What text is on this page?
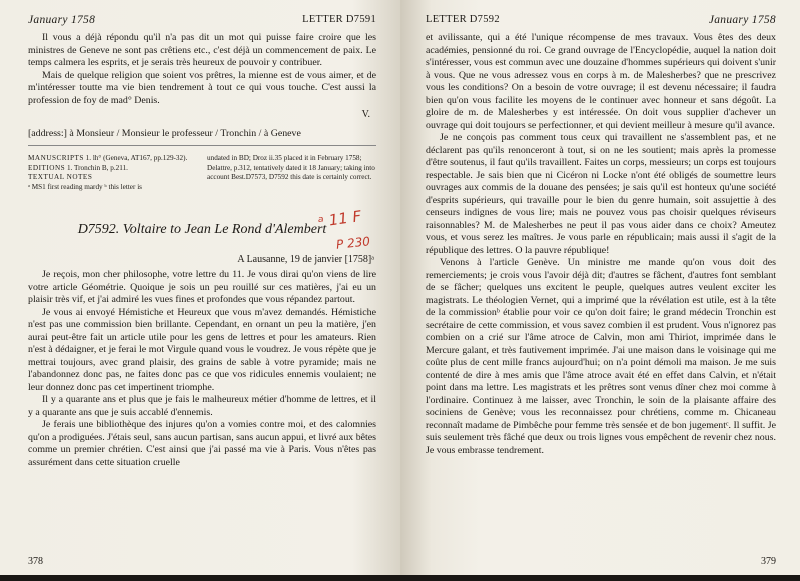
January 1758	LETTER D7591

Il vous a déjà répondu qu'il n'a pas dit un mot qui puisse faire croire que les ministres de Geneve ne sont pas crêtiens etc., c'est déjà un commencement de paix. Le temps calmera les esprits, et je serais très heureux de pouvoir y contribuer.

Mais de quelque religion que soient vos prêtres, la mienne est de vous aimer, et de m'intéresser toutte ma vie bien tendrement à tout ce qui vous touche. C'est aussi la profession de foy de mad° Denis.

V.
[address:] à Monsieur / Monsieur le professeur / Tronchin / à Geneve
MANUSCRIPTS 1. lh° (Geneva, AT167, pp.129-32).
EDITIONS 1. Tronchin B, p.211.
TEXTUAL NOTES
ᵃ MS1 first reading mardy ᵇ this letter is
undated in BD; Droz ii.35 placed it in February 1758; Delattre, p.312, tentatively dated it 18 January; taking into account Best.D7573, D7592 this date is certainly correct.
D7592. Voltaire to Jean Le Rond d'Alembert
ᵃ 11 F
P 230
A Lausanne, 19 de janvier [1758]ᵃ

Je reçois, mon cher philosophe, votre lettre du 11. Je vous dirai qu'on viens de lire votre article Géométrie. Quoique je sois un peu rouillé sur ces matières, j'ai eu un plaisir très vif, et j'ai admiré les vues fines et profondes que vous répandez partout.

Je vous ai envoyé Hémistiche et Heureux que vous m'avez demandés. Hémistiche n'est pas une commission bien brillante. Cependant, en ornant un peu la matière, j'en aurai peut-être fait un article utile pour les gens de lettres et pour les amateurs. Rien n'est à dédaigner, et je ferai le mot Virgule quand vous le voudrez. Je vous répète que je mettrai toujours, avec grand plaisir, des grains de sable à votre pyramide; mais ne l'abandonnez donc pas, ne faites donc pas ce que vos ridicules ennemis voulaient; ne leur donnez donc pas cet impertinent triomphe.

Il y a quarante ans et plus que je fais le malheureux métier d'homme de lettres, et il y a quarante ans que je suis accablé d'ennemis.

Je ferais une bibliothèque des injures qu'on a vomies contre moi, et des calomnies qu'on a prodiguées. J'étais seul, sans aucun partisan, sans aucun appui, et livré aux bêtes comme un premier chrétien. C'est ainsi que j'ai passé ma vie à Paris. Vous n'êtes pas assurément dans cette situation cruelle

378
LETTER D7592	January 1758

et avilissante, qui a été l'unique récompense de mes travaux. Vous êtes des deux académies, pensionné du roi. Ce grand ouvrage de l'Encyclopédie, auquel la nation doit s'intéresser, vous est commun avec une douzaine d'hommes supérieurs qui doivent s'unir à vous. Que ne vous adressez vous en corps à m. de Malesherbes? que ne prescrivez vous les conditions? On a besoin de votre ouvrage; il est devenu nécessaire; il faudra bien qu'on vous facilite les moyens de le continuer avec honneur et sans dégoût. La gloire de m. de Malesherbes y est intéressée. On doit vous supplier d'achever un ouvrage qui doit toujours se perfectionner, et qui devient meilleur à mesure qu'il avance.

Je ne conçois pas comment tous ceux qui travaillent ne s'assemblent pas, et ne déclarent pas qu'ils renonceront à tout, si on ne les soutient; mais après la promesse d'être soutenus, il faut qu'ils travaillent. Faites un corps, messieurs; un corps est toujours respectable. Je sais bien que ni Cicéron ni Locke n'ont été obligés de soumettre leurs ouvrages aux commis de la douane des pensées; je sais qu'il est honteux qu'une société d'esprits supérieurs, qui travaille pour le bien du genre humain, soit assujettie à des censeurs indignes de vous lire; mais ne pouvez vous pas choisir quelques réviseurs raisonnables? M. de Malesherbes ne peut il pas vous aider dans ce choix? Ameutez vous, et vous serez les maîtres. Je vous parle en républicain; mais aussi il s'agit de la république des lettres. O la pauvre république!

Venons à l'article Genève. Un ministre me mande qu'on vous doit des remerciements; je crois vous l'avoir déjà dit; d'autres se fâchent, d'autres font semblant de se fâcher; quelques uns excitent le peuple, quelques autres veulent exciter les magistrats. Le théologien Vernet, qui a imprimé que la révélation est utile, est à la tête de la commissionᵇ établie pour voir ce qu'on doit faire; le grand médecin Tronchin est secrétaire de cette commission, et vous savez combien il est prudent. Vous n'ignorez pas combien on a crié sur l'âme atroce de Calvin, mon ami Thiriot, imprimée dans le Mercure galant, et très fautivement imprimée. J'ai une maison dans le voisinage qui me coûte plus de cent mille francs aujourd'hui; on n'a point démoli ma maison. Je me suis contenté de dire à mes amis que l'âme atroce avait été en effet dans Calvin, et n'était point dans ma lettre. Les magistrats et les prêtres sont venus dîner chez moi comme à l'ordinaire. Continuez à me laisser, avec Tronchin, le soin de la plaisante affaire des sociniens de Genève; vous les reconnaissez pour chrétiens, comme m. Chicaneau reconnaît madame de Pimbêche pour femme très sensée et de bon jugementᶜ. Il suffit. Je suis seulement très fâché que deux ou trois lignes vous empêchent de revenir chez nous. Je vous embrasse tendrement.

379
